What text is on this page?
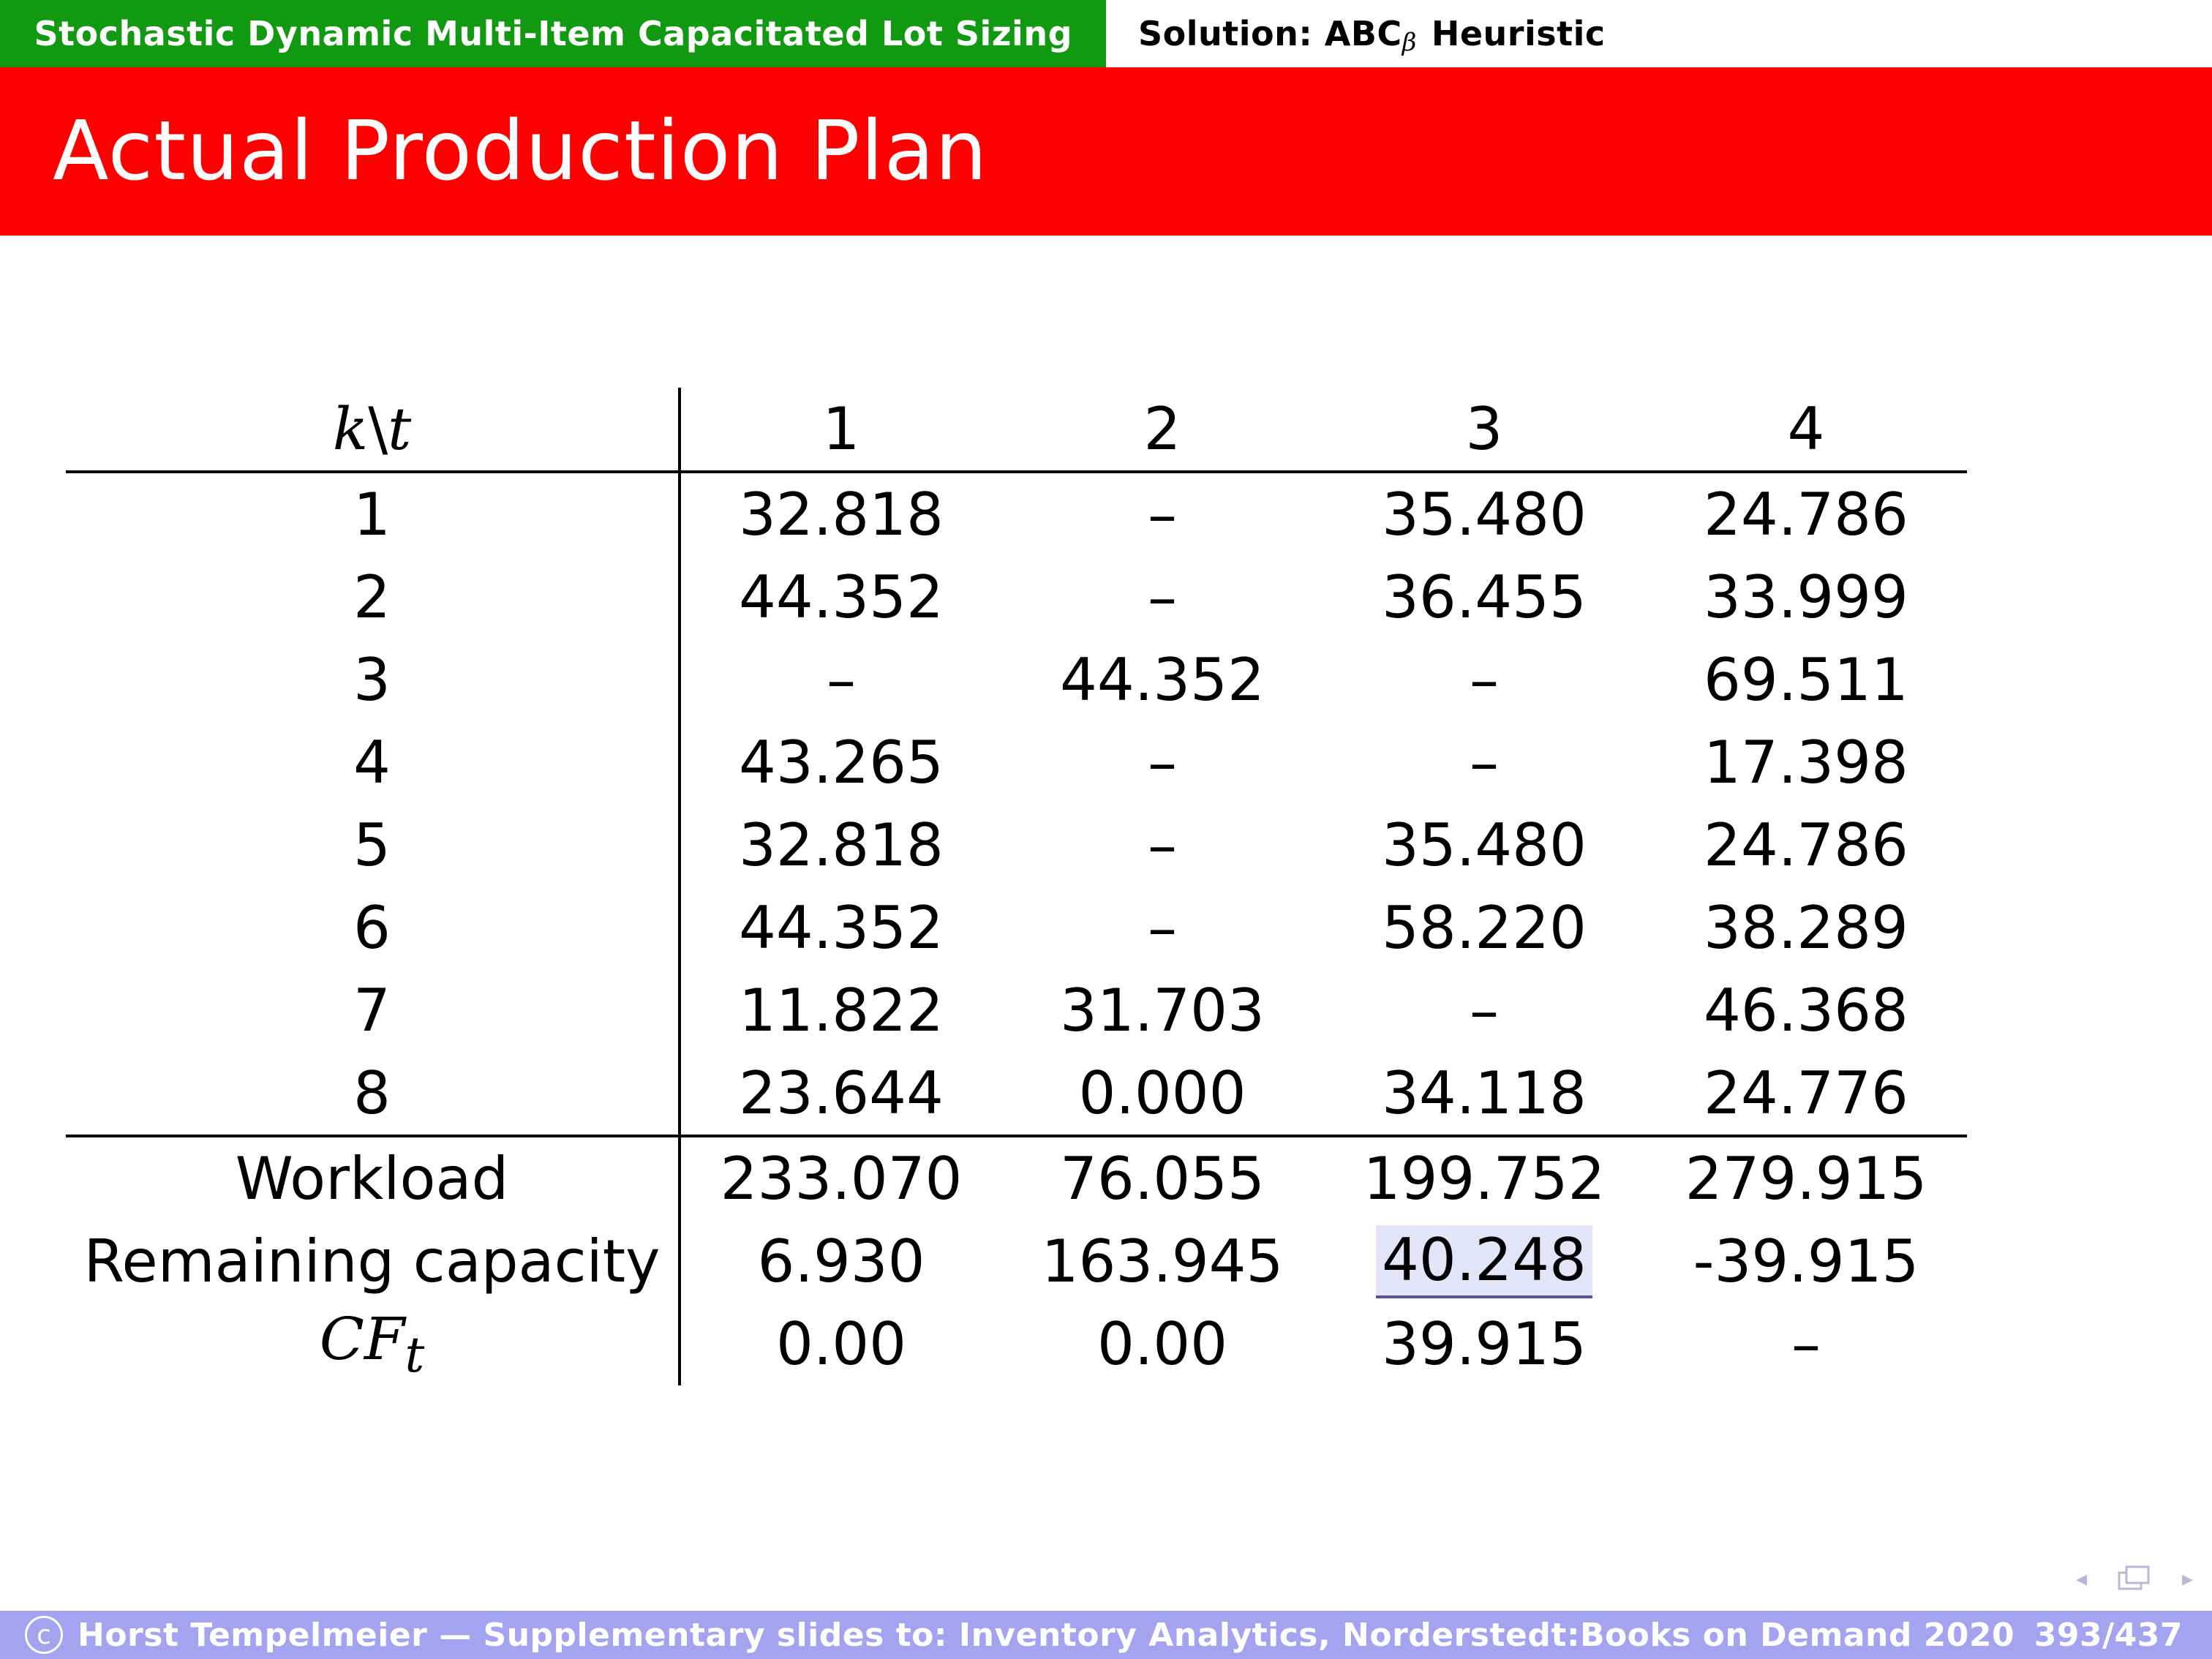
Stochastic Dynamic Multi-Item Capacitated Lot Sizing Solution: ABC β Heuristic
Actual Production Plan
k\t	1	2	3	4
1	32.818	–	35.480	24.786
2	44.352	–	36.455	33.999
3	–	44.352	–	69.511
4	43.265	–	–	17.398
5	32.818	–	35.480	24.786
6	44.352	–	58.220	38.289
7	11.822	31.703	–	46.368
8	23.644	0.000	34.118	24.776
Workload	233.070	76.055	199.752	279.915
Remaining capacity	6.930	163.945	40.248	-39.915
$CF_t$	0.00	0.00	39.915	–
◂	▸
c Horst Tempelmeier — Supplementary slides to: Inventory Analytics, Norderstedt:Books on Demand 2020 393/437
